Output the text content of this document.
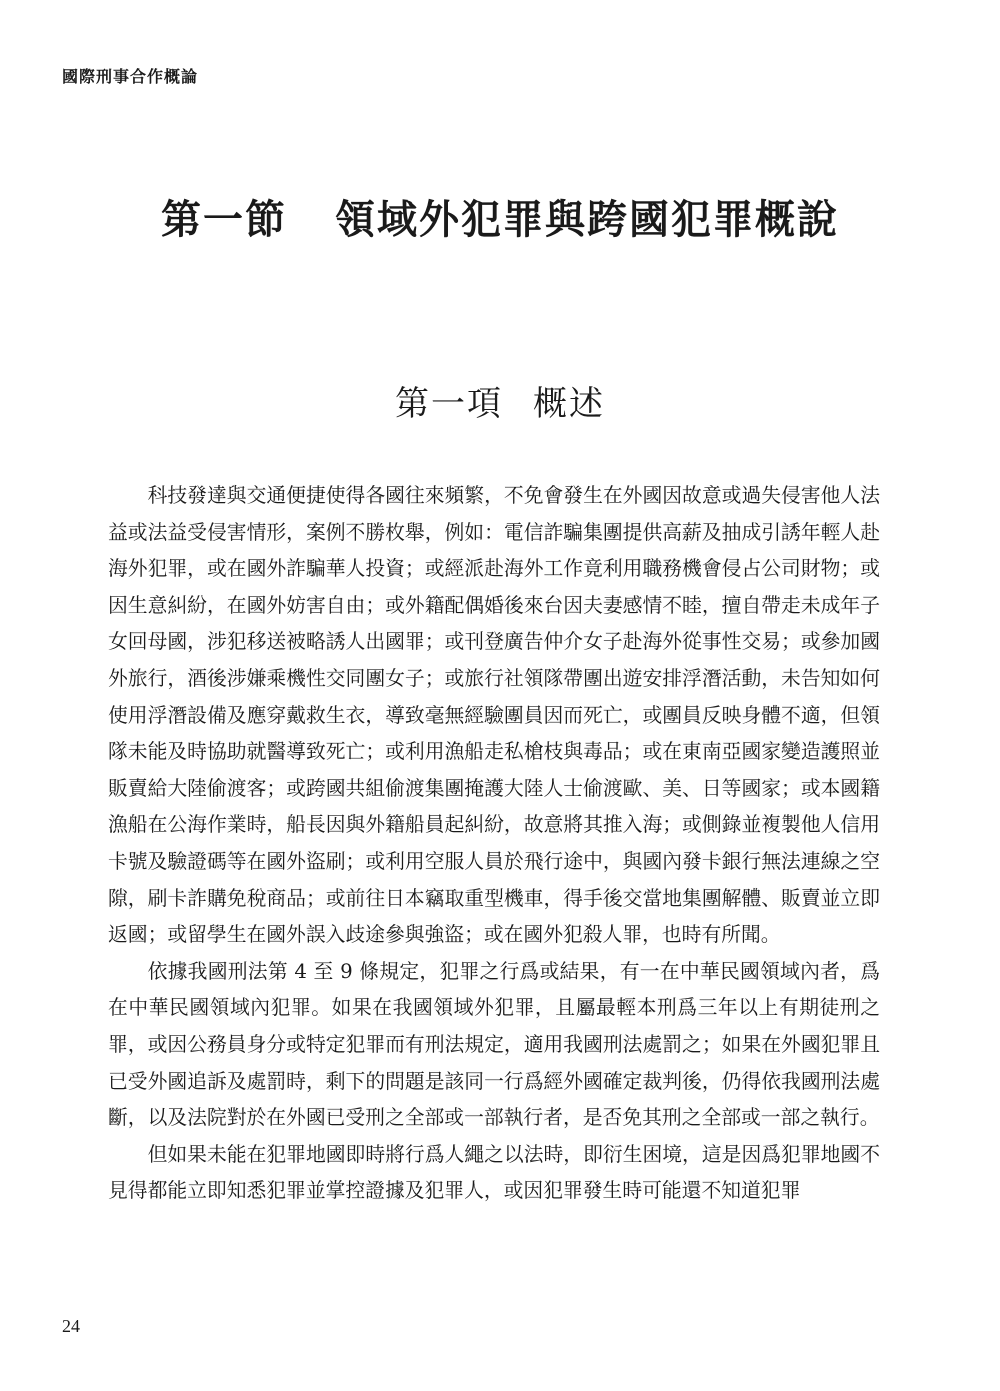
國際刑事合作概論
第一節 領域外犯罪與跨國犯罪概說
第一項 概述

科技發達與交通便捷使得各國往來頻繁，不免會發生在外國因故意或過失侵害他人法益或法益受侵害情形，案例不勝枚舉，例如：電信詐騙集團提供高薪及抽成引誘年輕人赴海外犯罪，或在國外詐騙華人投資；或經派赴海外工作竟利用職務機會侵占公司財物；或因生意糾紛，在國外妨害自由；或外籍配偶婚後來台因夫妻感情不睦，擅自帶走未成年子女回母國，涉犯移送被略誘人出國罪；或刊登廣告仲介女子赴海外從事性交易；或參加國外旅行，酒後涉嫌乘機性交同團女子；或旅行社領隊帶團出遊安排浮潛活動，未告知如何使用浮潛設備及應穿戴救生衣，導致毫無經驗團員因而死亡，或團員反映身體不適，但領隊未能及時協助就醫導致死亡；或利用漁船走私槍枝與毒品；或在東南亞國家變造護照並販賣給大陸偷渡客；或跨國共組偷渡集團掩護大陸人士偷渡歐、美、日等國家；或本國籍漁船在公海作業時，船長因與外籍船員起糾紛，故意將其推入海；或側錄並複製他人信用卡號及驗證碼等在國外盜刷；或利用空服人員於飛行途中，與國內發卡銀行無法連線之空隙，刷卡詐購免稅商品；或前往日本竊取重型機車，得手後交當地集團解體、販賣並立即返國；或留學生在國外誤入歧途參與強盜；或在國外犯殺人罪，也時有所聞。

依據我國刑法第 4 至 9 條規定，犯罪之行爲或結果，有一在中華民國領域內者，爲在中華民國領域內犯罪。如果在我國領域外犯罪，且屬最輕本刑爲三年以上有期徒刑之罪，或因公務員身分或特定犯罪而有刑法規定，適用我國刑法處罰之；如果在外國犯罪且已受外國追訴及處罰時，剩下的問題是該同一行爲經外國確定裁判後，仍得依我國刑法處斷，以及法院對於在外國已受刑之全部或一部執行者，是否免其刑之全部或一部之執行。

但如果未能在犯罪地國即時將行爲人繩之以法時，即衍生困境，這是因爲犯罪地國不見得都能立即知悉犯罪並掌控證據及犯罪人，或因犯罪發生時可能還不知道犯罪

24
